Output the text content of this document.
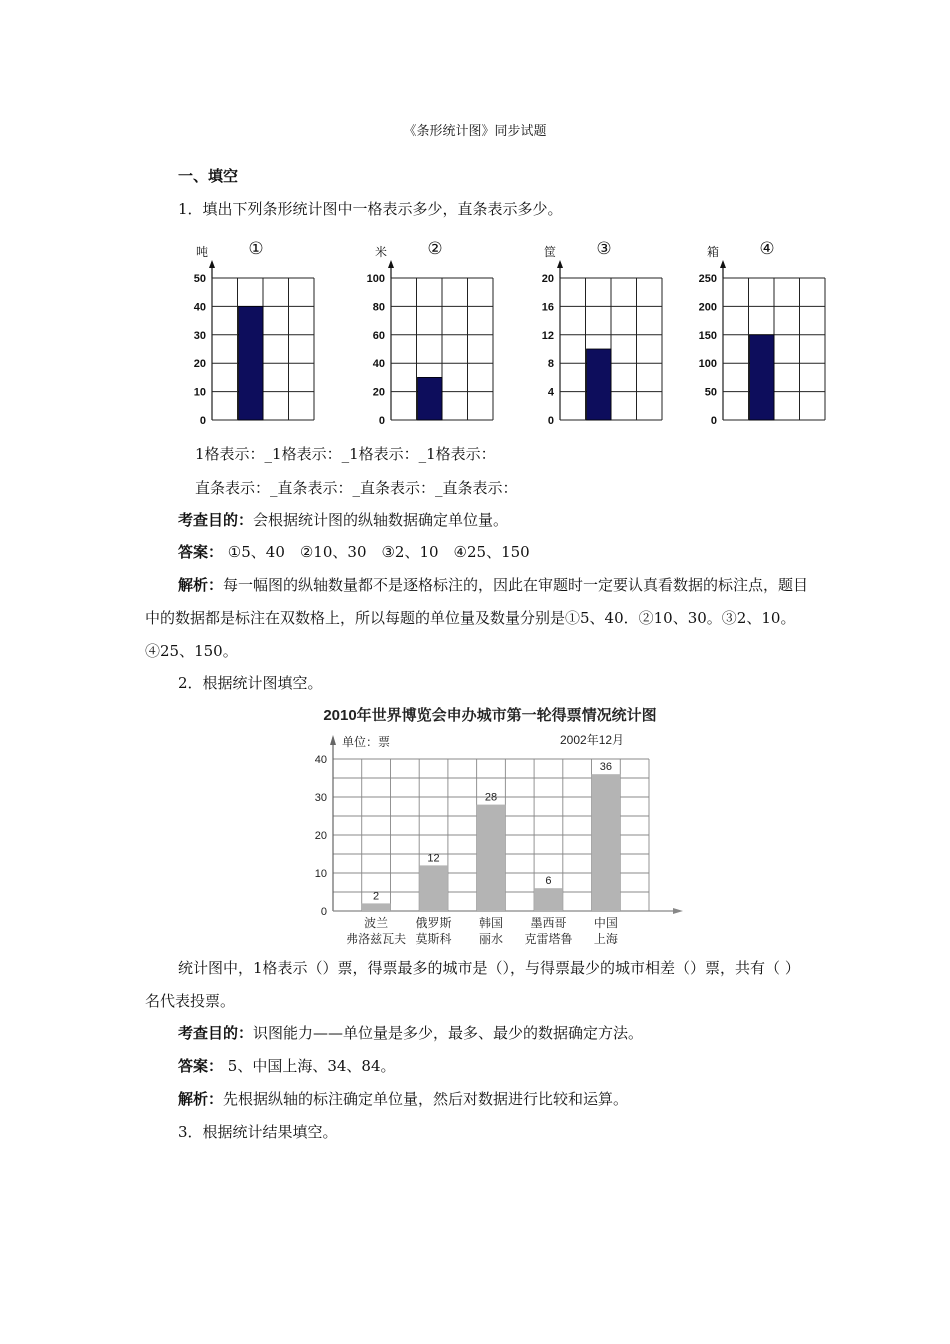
《条形统计图》同步试题
一、填空
1．填出下列条形统计图中一格表示多少，直条表示多少。
吨 ①
0
10
20
30
40
50
米 ②
0
20
40
60
80
100
筐 ③
0
4
8
12
16
20
箱 ④
0
50
100
150
200
250
1格表示：_1格表示：_1格表示：_1格表示：
直条表示：_直条表示：_直条表示：_直条表示：
考查目的：会根据统计图的纵轴数据确定单位量。
答案： ①5、40　②10、30　③2、10　④25、150
解析：每一幅图的纵轴数量都不是逐格标注的，因此在审题时一定要认真看数据的标注点，题目中的数据都是标注在双数格上，所以每题的单位量及数量分别是①5、40．②10、30。③2、10。④25、150。
2．根据统计图填空。
2010年世界博览会申办城市第一轮得票情况统计图
单位：票	2002年12月
0
10
20
30
40
2
波兰
弗洛兹瓦夫
12
俄罗斯
莫斯科
28
韩国
丽水
6
墨西哥
克雷塔鲁
36
中国
上海
统计图中，1格表示（）票，得票最多的城市是（），与得票最少的城市相差（）票，共有（ ）名代表投票。
考查目的：识图能力——单位量是多少，最多、最少的数据确定方法。
答案： 5、中国上海、34、84。
解析：先根据纵轴的标注确定单位量，然后对数据进行比较和运算。
3．根据统计结果填空。
